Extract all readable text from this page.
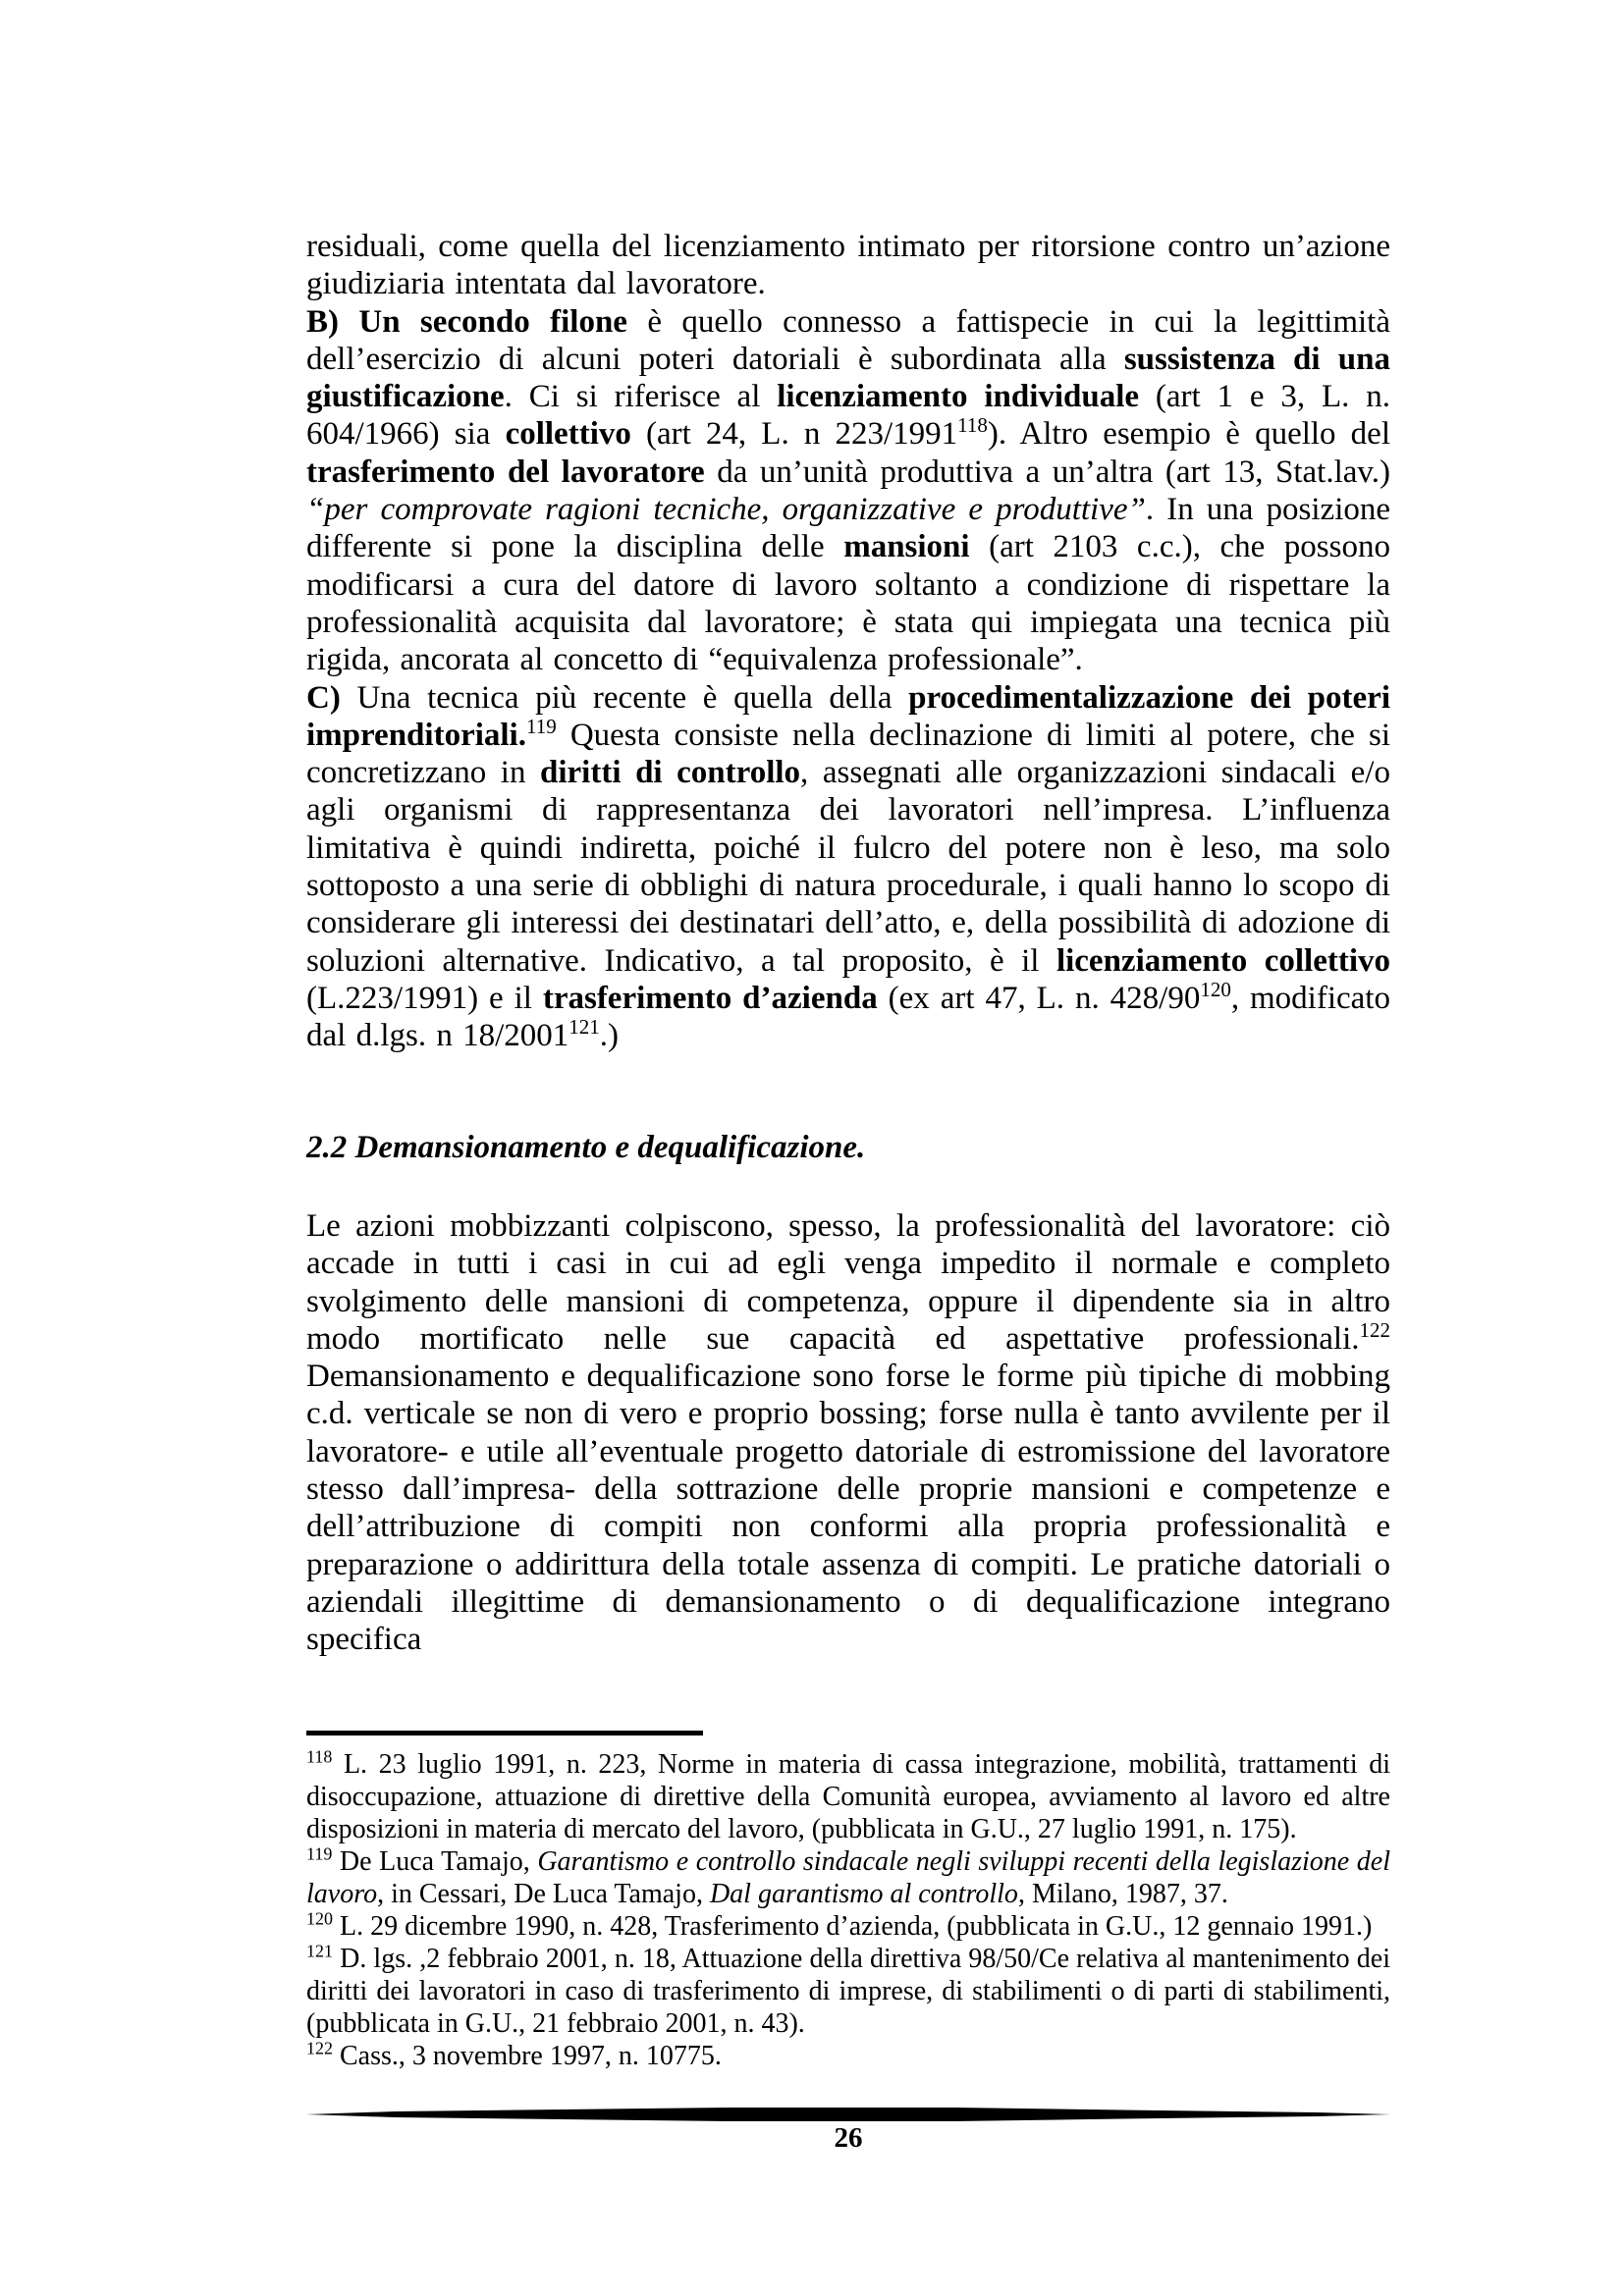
residuali, come quella del licenziamento intimato per ritorsione contro un’azione giudiziaria intentata dal lavoratore.

B) Un secondo filone è quello connesso a fattispecie in cui la legittimità dell’esercizio di alcuni poteri datoriali è subordinata alla sussistenza di una giustificazione. Ci si riferisce al licenziamento individuale (art 1 e 3, L. n. 604/1966) sia collettivo (art 24, L. n 223/1991$^{118}$). Altro esempio è quello del trasferimento del lavoratore da un’unità produttiva a un’altra (art 13, Stat.lav.) “per comprovate ragioni tecniche, organizzative e produttive”. In una posizione differente si pone la disciplina delle mansioni (art 2103 c.c.), che possono modificarsi a cura del datore di lavoro soltanto a condizione di rispettare la professionalità acquisita dal lavoratore; è stata qui impiegata una tecnica più rigida, ancorata al concetto di “equivalenza professionale”.

C) Una tecnica più recente è quella della procedimentalizzazione dei poteri imprenditoriali.$^{119}$ Questa consiste nella declinazione di limiti al potere, che si concretizzano in diritti di controllo, assegnati alle organizzazioni sindacali e/o agli organismi di rappresentanza dei lavoratori nell’impresa. L’influenza limitativa è quindi indiretta, poiché il fulcro del potere non è leso, ma solo sottoposto a una serie di obblighi di natura procedurale, i quali hanno lo scopo di considerare gli interessi dei destinatari dell’atto, e, della possibilità di adozione di soluzioni alternative. Indicativo, a tal proposito, è il licenziamento collettivo (L.223/1991) e il trasferimento d’azienda (ex art 47, L. n. $428/90^{120}$, modificato dal d.lgs. n 18/2001$^{121}$.)

2.2 Demansionamento e dequalificazione.

Le azioni mobbizzanti colpiscono, spesso, la professionalità del lavoratore: ciò accade in tutti i casi in cui ad egli venga impedito il normale e completo svolgimento delle mansioni di competenza, oppure il dipendente sia in altro modo mortificato nelle sue capacità ed aspettative professionali.$^{122}$ Demansionamento e dequalificazione sono forse le forme più tipiche di mobbing c.d. verticale se non di vero e proprio bossing; forse nulla è tanto avvilente per il lavoratore- e utile all’eventuale progetto datoriale di estromissione del lavoratore stesso dall’impresa- della sottrazione delle proprie mansioni e competenze e dell’attribuzione di compiti non conformi alla propria professionalità e preparazione o addirittura della totale assenza di compiti. Le pratiche datoriali o aziendali illegittime di demansionamento o di dequalificazione integrano specifica

$^{118}$ L. 23 luglio 1991, n. 223, Norme in materia di cassa integrazione, mobilità, trattamenti di disoccupazione, attuazione di direttive della Comunità europea, avviamento al lavoro ed altre disposizioni in materia di mercato del lavoro, (pubblicata in G.U., 27 luglio 1991, n. 175).

$^{119}$ De Luca Tamajo, Garantismo e controllo sindacale negli sviluppi recenti della legislazione del lavoro, in Cessari, De Luca Tamajo, Dal garantismo al controllo, Milano, 1987, 37.

$^{120}$ L. 29 dicembre 1990, n. 428, Trasferimento d’azienda, (pubblicata in G.U., 12 gennaio 1991.)

$^{121}$ D. lgs. ,2 febbraio 2001, n. 18, Attuazione della direttiva 98/50/Ce relativa al mantenimento dei diritti dei lavoratori in caso di trasferimento di imprese, di stabilimenti o di parti di stabilimenti, (pubblicata in G.U., 21 febbraio 2001, n. 43).

$^{122}$ Cass., 3 novembre 1997, n. 10775.

26
